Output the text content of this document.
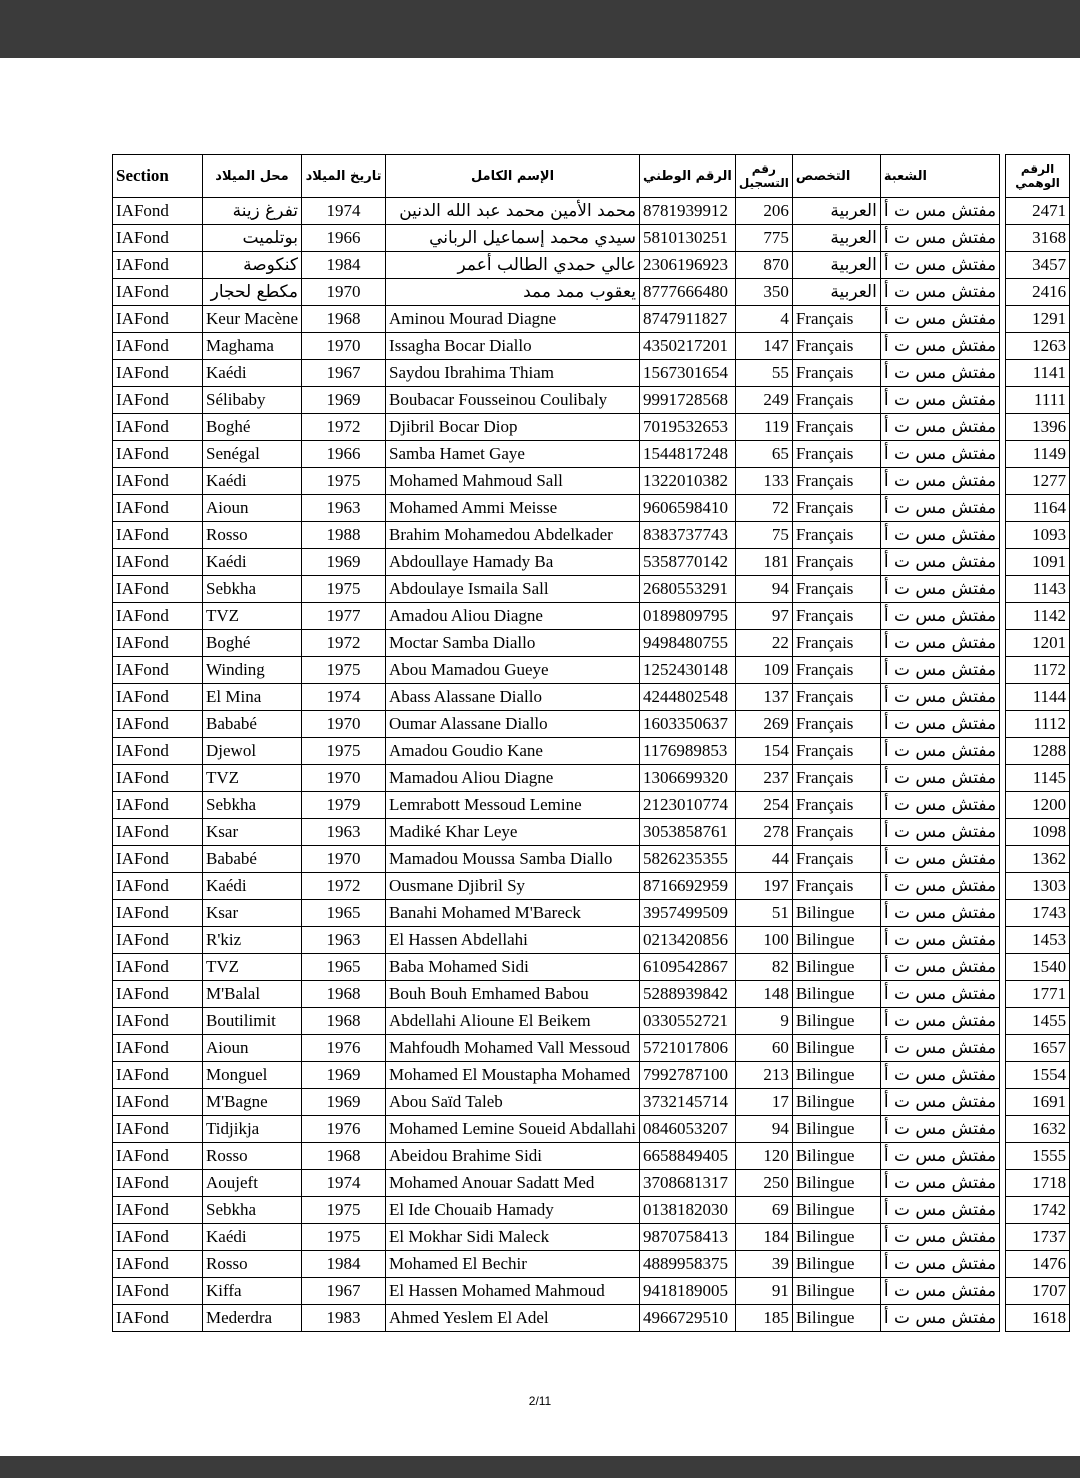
Section	محل الميلاد	تاريخ الميلاد	الإسم الكامل	الرقم الوطني	رقم التسجيل	التخصص	الشعبة		الرقم الوهمي
IAFond	تفرغ زينة	1974	محمد الأمين محمد عبد الله الدنين	8781939912	206	العربية	مفتش مس ت أ		2471
IAFond	بوتلميت	1966	سيدي محمد إسماعيل الرباني	5810130251	775	العربية	مفتش مس ت أ		3168
IAFond	كنكوصة	1984	عالي حمدي الطالب أعمر	2306196923	870	العربية	مفتش مس ت أ		3457
IAFond	مكطع لحجار	1970	يعقوب ممد ممد	8777666480	350	العربية	مفتش مس ت أ		2416
IAFond	Keur Macène	1968	Aminou Mourad Diagne	8747911827	4	Français	مفتش مس ت أ		1291
IAFond	Maghama	1970	Issagha Bocar Diallo	4350217201	147	Français	مفتش مس ت أ		1263
IAFond	Kaédi	1967	Saydou Ibrahima Thiam	1567301654	55	Français	مفتش مس ت أ		1141
IAFond	Sélibaby	1969	Boubacar Fousseinou Coulibaly	9991728568	249	Français	مفتش مس ت أ		1111
IAFond	Boghé	1972	Djibril Bocar Diop	7019532653	119	Français	مفتش مس ت أ		1396
IAFond	Senégal	1966	Samba Hamet Gaye	1544817248	65	Français	مفتش مس ت أ		1149
IAFond	Kaédi	1975	Mohamed Mahmoud Sall	1322010382	133	Français	مفتش مس ت أ		1277
IAFond	Aioun	1963	Mohamed Ammi Meisse	9606598410	72	Français	مفتش مس ت أ		1164
IAFond	Rosso	1988	Brahim Mohamedou Abdelkader	8383737743	75	Français	مفتش مس ت أ		1093
IAFond	Kaédi	1969	Abdoullaye Hamady Ba	5358770142	181	Français	مفتش مس ت أ		1091
IAFond	Sebkha	1975	Abdoulaye Ismaila Sall	2680553291	94	Français	مفتش مس ت أ		1143
IAFond	TVZ	1977	Amadou Aliou Diagne	0189809795	97	Français	مفتش مس ت أ		1142
IAFond	Boghé	1972	Moctar Samba Diallo	9498480755	22	Français	مفتش مس ت أ		1201
IAFond	Winding	1975	Abou Mamadou Gueye	1252430148	109	Français	مفتش مس ت أ		1172
IAFond	El Mina	1974	Abass Alassane Diallo	4244802548	137	Français	مفتش مس ت أ		1144
IAFond	Bababé	1970	Oumar Alassane Diallo	1603350637	269	Français	مفتش مس ت أ		1112
IAFond	Djewol	1975	Amadou Goudio Kane	1176989853	154	Français	مفتش مس ت أ		1288
IAFond	TVZ	1970	Mamadou Aliou Diagne	1306699320	237	Français	مفتش مس ت أ		1145
IAFond	Sebkha	1979	Lemrabott Messoud Lemine	2123010774	254	Français	مفتش مس ت أ		1200
IAFond	Ksar	1963	Madiké Khar Leye	3053858761	278	Français	مفتش مس ت أ		1098
IAFond	Bababé	1970	Mamadou Moussa Samba Diallo	5826235355	44	Français	مفتش مس ت أ		1362
IAFond	Kaédi	1972	Ousmane Djibril Sy	8716692959	197	Français	مفتش مس ت أ		1303
IAFond	Ksar	1965	Banahi Mohamed M'Bareck	3957499509	51	Bilingue	مفتش مس ت أ		1743
IAFond	R'kiz	1963	El Hassen Abdellahi	0213420856	100	Bilingue	مفتش مس ت أ		1453
IAFond	TVZ	1965	Baba Mohamed Sidi	6109542867	82	Bilingue	مفتش مس ت أ		1540
IAFond	M'Balal	1968	Bouh Bouh Emhamed Babou	5288939842	148	Bilingue	مفتش مس ت أ		1771
IAFond	Boutilimit	1968	Abdellahi Alioune El Beikem	0330552721	9	Bilingue	مفتش مس ت أ		1455
IAFond	Aioun	1976	Mahfoudh Mohamed Vall Messoud	5721017806	60	Bilingue	مفتش مس ت أ		1657
IAFond	Monguel	1969	Mohamed El Moustapha Mohamed	7992787100	213	Bilingue	مفتش مس ت أ		1554
IAFond	M'Bagne	1969	Abou Saïd Taleb	3732145714	17	Bilingue	مفتش مس ت أ		1691
IAFond	Tidjikja	1976	Mohamed Lemine Soueid Abdallahi	0846053207	94	Bilingue	مفتش مس ت أ		1632
IAFond	Rosso	1968	Abeidou Brahime Sidi	6658849405	120	Bilingue	مفتش مس ت أ		1555
IAFond	Aoujeft	1974	Mohamed Anouar Sadatt Med	3708681317	250	Bilingue	مفتش مس ت أ		1718
IAFond	Sebkha	1975	El Ide Chouaib Hamady	0138182030	69	Bilingue	مفتش مس ت أ		1742
IAFond	Kaédi	1975	El Mokhar Sidi Maleck	9870758413	184	Bilingue	مفتش مس ت أ		1737
IAFond	Rosso	1984	Mohamed El Bechir	4889958375	39	Bilingue	مفتش مس ت أ		1476
IAFond	Kiffa	1967	El Hassen Mohamed Mahmoud	9418189005	91	Bilingue	مفتش مس ت أ		1707
IAFond	Mederdra	1983	Ahmed Yeslem El Adel	4966729510	185	Bilingue	مفتش مس ت أ		1618
2/11
